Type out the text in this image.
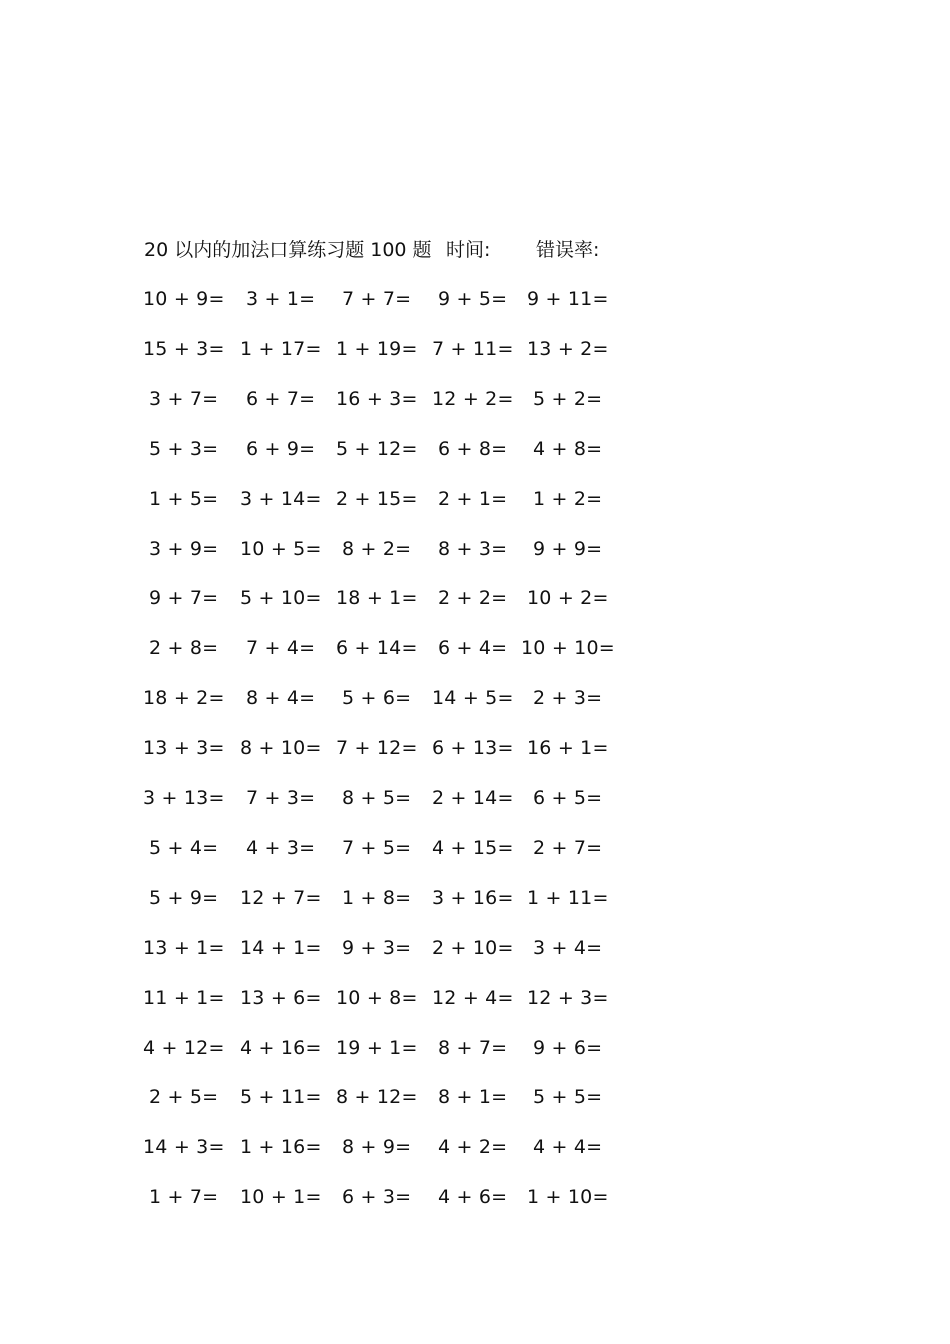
20 以内的加法口算练习题 100 题 时间: 错误率:
10 + 9= 3 + 1= 7 + 7= 9 + 5= 9 + 11=
15 + 3= 1 + 17= 1 + 19= 7 + 11= 13 + 2=
3 + 7= 6 + 7= 16 + 3= 12 + 2= 5 + 2=
5 + 3= 6 + 9= 5 + 12= 6 + 8= 4 + 8=
1 + 5= 3 + 14= 2 + 15= 2 + 1= 1 + 2=
3 + 9= 10 + 5= 8 + 2= 8 + 3= 9 + 9=
9 + 7= 5 + 10= 18 + 1= 2 + 2= 10 + 2=
2 + 8= 7 + 4= 6 + 14= 6 + 4= 10 + 10=
18 + 2= 8 + 4= 5 + 6= 14 + 5= 2 + 3=
13 + 3= 8 + 10= 7 + 12= 6 + 13= 16 + 1=
3 + 13= 7 + 3= 8 + 5= 2 + 14= 6 + 5=
5 + 4= 4 + 3= 7 + 5= 4 + 15= 2 + 7=
5 + 9= 12 + 7= 1 + 8= 3 + 16= 1 + 11=
13 + 1= 14 + 1= 9 + 3= 2 + 10= 3 + 4=
11 + 1= 13 + 6= 10 + 8= 12 + 4= 12 + 3=
4 + 12= 4 + 16= 19 + 1= 8 + 7= 9 + 6=
2 + 5= 5 + 11= 8 + 12= 8 + 1= 5 + 5=
14 + 3= 1 + 16= 8 + 9= 4 + 2= 4 + 4=
1 + 7= 10 + 1= 6 + 3= 4 + 6= 1 + 10=
